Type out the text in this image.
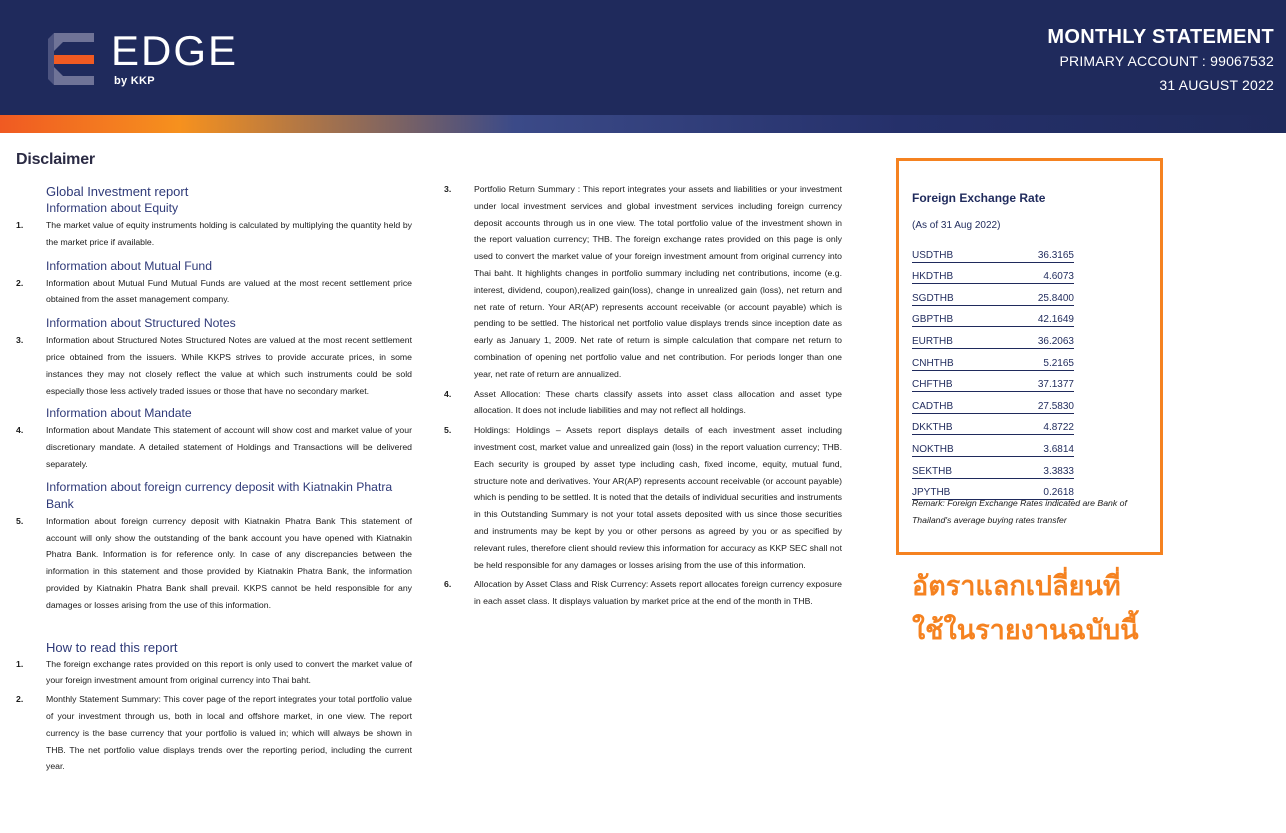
EDGE
by KKP
MONTHLY STATEMENT
PRIMARY ACCOUNT : 99067532
31 AUGUST 2022
Disclaimer
Global Investment report
Information about Equity
1.	The market value of equity instruments holding is calculated by multiplying the quantity held by the market price if available.
Information about Mutual Fund
2.	Information about Mutual Fund Mutual Funds are valued at the most recent settlement price obtained from the asset management company.
Information about Structured Notes
3.	Information about Structured Notes Structured Notes are valued at the most recent settlement price obtained from the issuers. While KKPS strives to provide accurate prices, in some instances they may not closely reflect the value at which such instruments could be sold especially those less actively traded issues or those that have no secondary market.
Information about Mandate
4.	Information about Mandate This statement of account will show cost and market value of your discretionary mandate. A detailed statement of Holdings and Transactions will be delivered separately.
Information about foreign currency deposit with Kiatnakin Phatra Bank
5.	Information about foreign currency deposit with Kiatnakin Phatra Bank This statement of account will only show the outstanding of the bank account you have opened with Kiatnakin Phatra Bank. Information is for reference only. In case of any discrepancies between the information in this statement and those provided by Kiatnakin Phatra Bank, the information provided by Kiatnakin Phatra Bank shall prevail. KKPS cannot be held responsible for any damages or losses arising from the use of this information.
How to read this report
1.	The foreign exchange rates provided on this report is only used to convert the market value of your foreign investment amount from original currency into Thai baht.
2.	Monthly Statement Summary: This cover page of the report integrates your total portfolio value of your investment through us, both in local and offshore market, in one view. The report currency is the base currency that your portfolio is valued in; which will always be shown in THB. The net portfolio value displays trends over the reporting period, including the current year.
3.	Portfolio Return Summary : This report integrates your assets and liabilities or your investment under local investment services and global investment services including foreign currency deposit accounts through us in one view. The total portfolio value of the investment shown in the report valuation currency; THB. The foreign exchange rates provided on this page is only used to convert the market value of your foreign investment amount from original currency into Thai baht. It highlights changes in portfolio summary including net contributions, income (e.g. interest, dividend, coupon),realized gain(loss), change in unrealized gain (loss), net return and net rate of return. Your AR(AP) represents account receivable (or account payable) which is pending to be settled. The historical net portfolio value displays trends since inception date as early as January 1, 2009. Net rate of return is simple calculation that compare net return to combination of opening net portfolio value and net contribution. For periods longer than one year, net rate of return are annualized.
4.	Asset Allocation: These charts classify assets into asset class allocation and asset type allocation. It does not include liabilities and may not reflect all holdings.
5.	Holdings: Holdings – Assets report displays details of each investment asset including investment cost, market value and unrealized gain (loss) in the report valuation currency; THB. Each security is grouped by asset type including cash, fixed income, equity, mutual fund, structure note and derivatives. Your AR(AP) represents account receivable (or account payable) which is pending to be settled. It is noted that the details of individual securities and instruments in this Outstanding Summary is not your total assets deposited with us since those securities and instruments may be kept by you or other persons as agreed by you or as specified by relevant rules, therefore client should review this information for accuracy as KKP SEC shall not be held responsible for any damages or losses arising from the use of this information.
6.	Allocation by Asset Class and Risk Currency: Assets report allocates foreign currency exposure in each asset class. It displays valuation by market price at the end of the month in THB.
Foreign Exchange Rate
(As of 31 Aug 2022)
USDTHB	36.3165
HKDTHB	4.6073
SGDTHB	25.8400
GBPTHB	42.1649
EURTHB	36.2063
CNHTHB	5.2165
CHFTHB	37.1377
CADTHB	27.5830
DKKTHB	4.8722
NOKTHB	3.6814
SEKTHB	3.3833
JPYTHB	0.2618
Remark: Foreign Exchange Rates indicated are Bank of Thailand's average buying rates transfer
อัตราแลกเปลี่ยนที่
ใช้ในรายงานฉบับนี้
